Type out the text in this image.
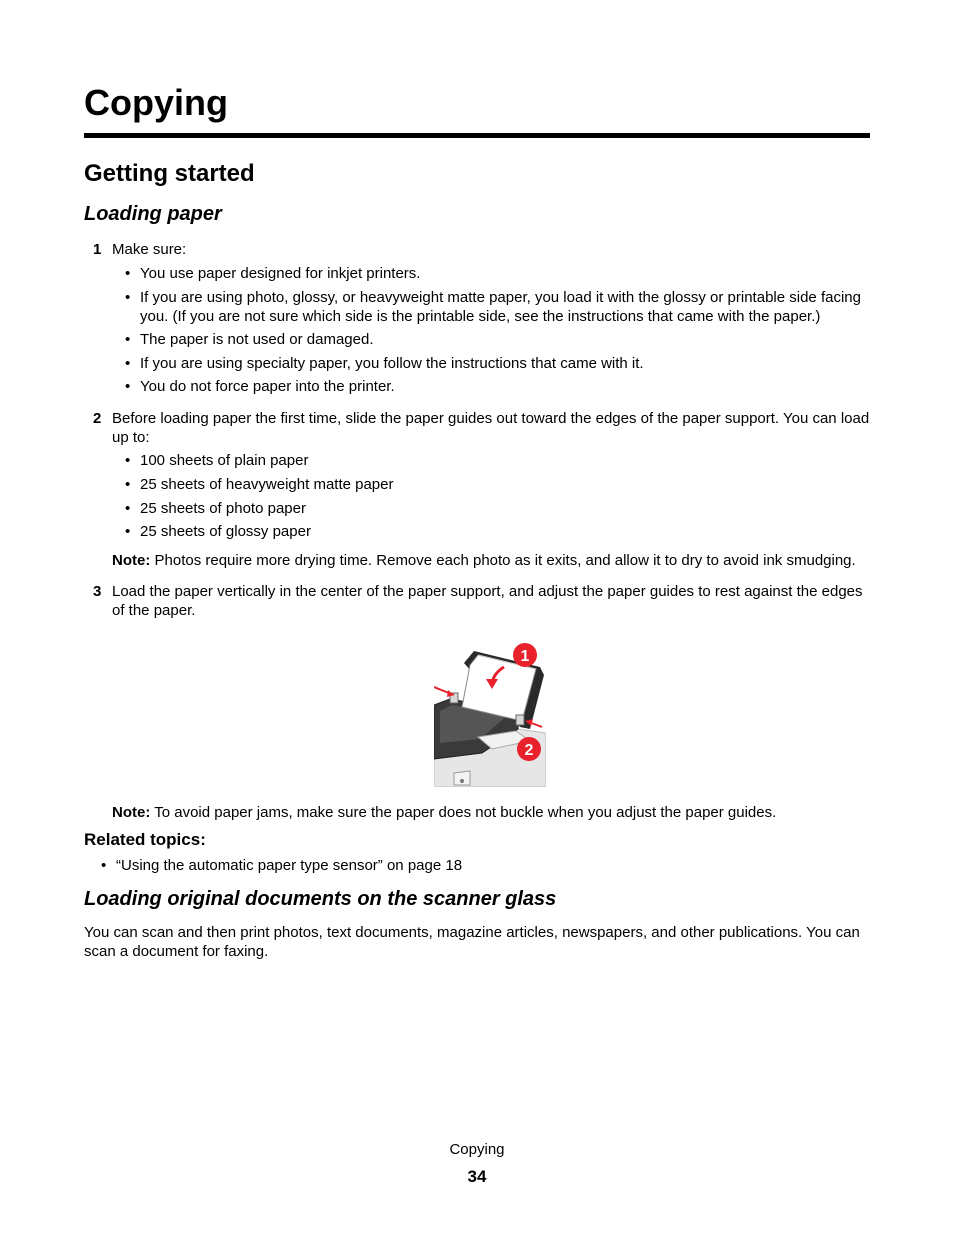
Copying
Getting started
Loading paper
1 Make sure:

• You use paper designed for inkjet printers.
• If you are using photo, glossy, or heavyweight matte paper, you load it with the glossy or printable side facing you. (If you are not sure which side is the printable side, see the instructions that came with the paper.)
• The paper is not used or damaged.
• If you are using specialty paper, you follow the instructions that came with it.
• You do not force paper into the printer.
2 Before loading paper the first time, slide the paper guides out toward the edges of the paper support. You can load up to:

• 100 sheets of plain paper
• 25 sheets of heavyweight matte paper
• 25 sheets of photo paper
• 25 sheets of glossy paper

Note: Photos require more drying time. Remove each photo as it exits, and allow it to dry to avoid ink smudging.

3 Load the paper vertically in the center of the paper support, and adjust the paper guides to rest against the edges of the paper.

1
2

Note: To avoid paper jams, make sure the paper does not buckle when you adjust the paper guides.

Related topics:
• “Using the automatic paper type sensor” on page 18
Loading original documents on the scanner glass

You can scan and then print photos, text documents, magazine articles, newspapers, and other publications. You can scan a document for faxing.

Copying
34
